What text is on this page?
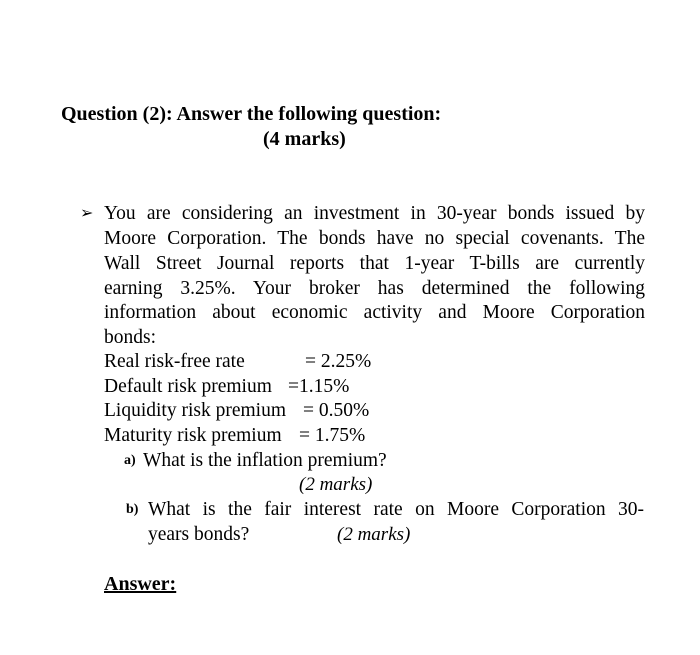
Question (2): Answer the following question:
(4 marks)
➢ You are considering an investment in 30-year bonds issued by
Moore Corporation. The bonds have no special covenants. The
Wall Street Journal reports that 1-year T-bills are currently
earning 3.25%. Your broker has determined the following
information about economic activity and Moore Corporation
bonds:
Real risk-free rate	= 2.25%
Default risk premium =1.15%
Liquidity risk premium = 0.50%
Maturity risk premium = 1.75%
a) What is the inflation premium?
(2 marks)
b) What is the fair interest rate on Moore Corporation 30-
years bonds?	(2 marks)
Answer:
